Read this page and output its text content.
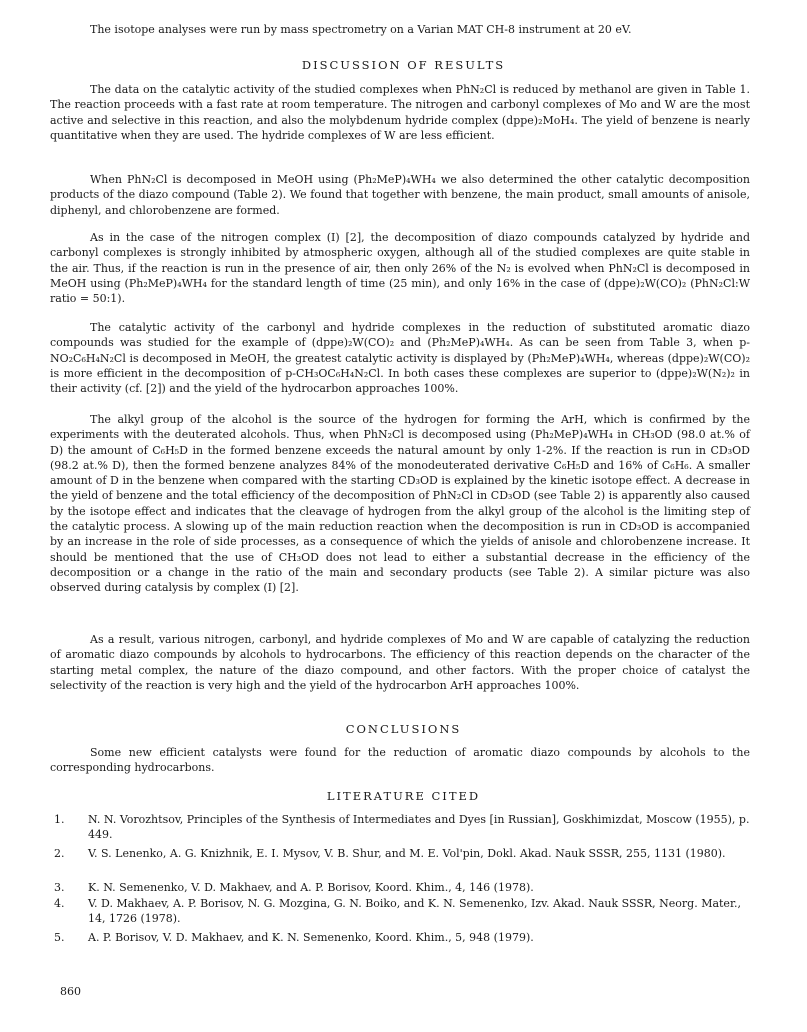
The isotope analyses were run by mass spectrometry on a Varian MAT CH-8 instrument at 20 eV.

DISCUSSION OF RESULTS

The data on the catalytic activity of the studied complexes when PhN₂Cl is reduced by methanol are given in Table 1. The reaction proceeds with a fast rate at room temperature. The nitrogen and carbonyl complexes of Mo and W are the most active and selective in this reaction, and also the molybdenum hydride complex (dppe)₂MoH₄. The yield of benzene is nearly quantitative when they are used. The hydride complexes of W are less efficient.

When PhN₂Cl is decomposed in MeOH using (Ph₂MeP)₄WH₄ we also determined the other catalytic decomposition products of the diazo compound (Table 2). We found that together with benzene, the main product, small amounts of anisole, diphenyl, and chlorobenzene are formed.

As in the case of the nitrogen complex (I) [2], the decomposition of diazo compounds catalyzed by hydride and carbonyl complexes is strongly inhibited by atmospheric oxygen, although all of the studied complexes are quite stable in the air. Thus, if the reaction is run in the presence of air, then only 26% of the N₂ is evolved when PhN₂Cl is decomposed in MeOH using (Ph₂MeP)₄WH₄ for the standard length of time (25 min), and only 16% in the case of (dppe)₂W(CO)₂ (PhN₂Cl:W ratio = 50:1).

The catalytic activity of the carbonyl and hydride complexes in the reduction of substituted aromatic diazo compounds was studied for the example of (dppe)₂W(CO)₂ and (Ph₂MeP)₄WH₄. As can be seen from Table 3, when p-NO₂C₆H₄N₂Cl is decomposed in MeOH, the greatest catalytic activity is displayed by (Ph₂MeP)₄WH₄, whereas (dppe)₂W(CO)₂ is more efficient in the decomposition of p-CH₃OC₆H₄N₂Cl. In both cases these complexes are superior to (dppe)₂W(N₂)₂ in their activity (cf. [2]) and the yield of the hydrocarbon approaches 100%.

The alkyl group of the alcohol is the source of the hydrogen for forming the ArH, which is confirmed by the experiments with the deuterated alcohols. Thus, when PhN₂Cl is decomposed using (Ph₂MeP)₄WH₄ in CH₃OD (98.0 at.% of D) the amount of C₆H₅D in the formed benzene exceeds the natural amount by only 1-2%. If the reaction is run in CD₃OD (98.2 at.% D), then the formed benzene analyzes 84% of the monodeuterated derivative C₆H₅D and 16% of C₆H₆. A smaller amount of D in the benzene when compared with the starting CD₃OD is explained by the kinetic isotope effect. A decrease in the yield of benzene and the total efficiency of the decomposition of PhN₂Cl in CD₃OD (see Table 2) is apparently also caused by the isotope effect and indicates that the cleavage of hydrogen from the alkyl group of the alcohol is the limiting step of the catalytic process. A slowing up of the main reduction reaction when the decomposition is run in CD₃OD is accompanied by an increase in the role of side processes, as a consequence of which the yields of anisole and chlorobenzene increase. It should be mentioned that the use of CH₃OD does not lead to either a substantial decrease in the efficiency of the decomposition or a change in the ratio of the main and secondary products (see Table 2). A similar picture was also observed during catalysis by complex (I) [2].

As a result, various nitrogen, carbonyl, and hydride complexes of Mo and W are capable of catalyzing the reduction of aromatic diazo compounds by alcohols to hydrocarbons. The efficiency of this reaction depends on the character of the starting metal complex, the nature of the diazo compound, and other factors. With the proper choice of catalyst the selectivity of the reaction is very high and the yield of the hydrocarbon ArH approaches 100%.

CONCLUSIONS

Some new efficient catalysts were found for the reduction of aromatic diazo compounds by alcohols to the corresponding hydrocarbons.

LITERATURE CITED
1. N. N. Vorozhtsov, Principles of the Synthesis of Intermediates and Dyes [in Russian], Goskhimizdat, Moscow (1955), p. 449.
2. V. S. Lenenko, A. G. Knizhnik, E. I. Mysov, V. B. Shur, and M. E. Vol'pin, Dokl. Akad. Nauk SSSR, 255, 1131 (1980).
3. K. N. Semenenko, V. D. Makhaev, and A. P. Borisov, Koord. Khim., 4, 146 (1978).
4. V. D. Makhaev, A. P. Borisov, N. G. Mozgina, G. N. Boiko, and K. N. Semenenko, Izv. Akad. Nauk SSSR, Neorg. Mater., 14, 1726 (1978).
5. A. P. Borisov, V. D. Makhaev, and K. N. Semenenko, Koord. Khim., 5, 948 (1979).
860
